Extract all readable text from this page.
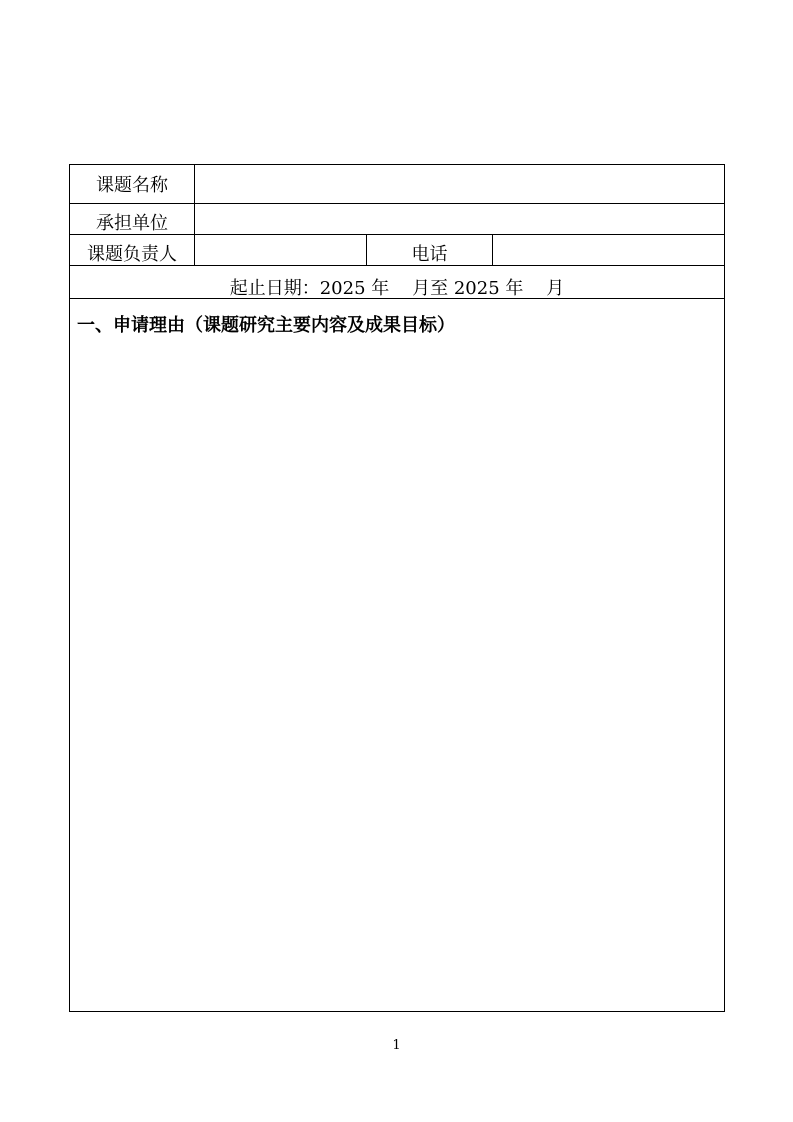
课题名称
承担单位
课题负责人	电话
起止日期：2025 年    月至 2025 年    月
一、申请理由（课题研究主要内容及成果目标）
1
